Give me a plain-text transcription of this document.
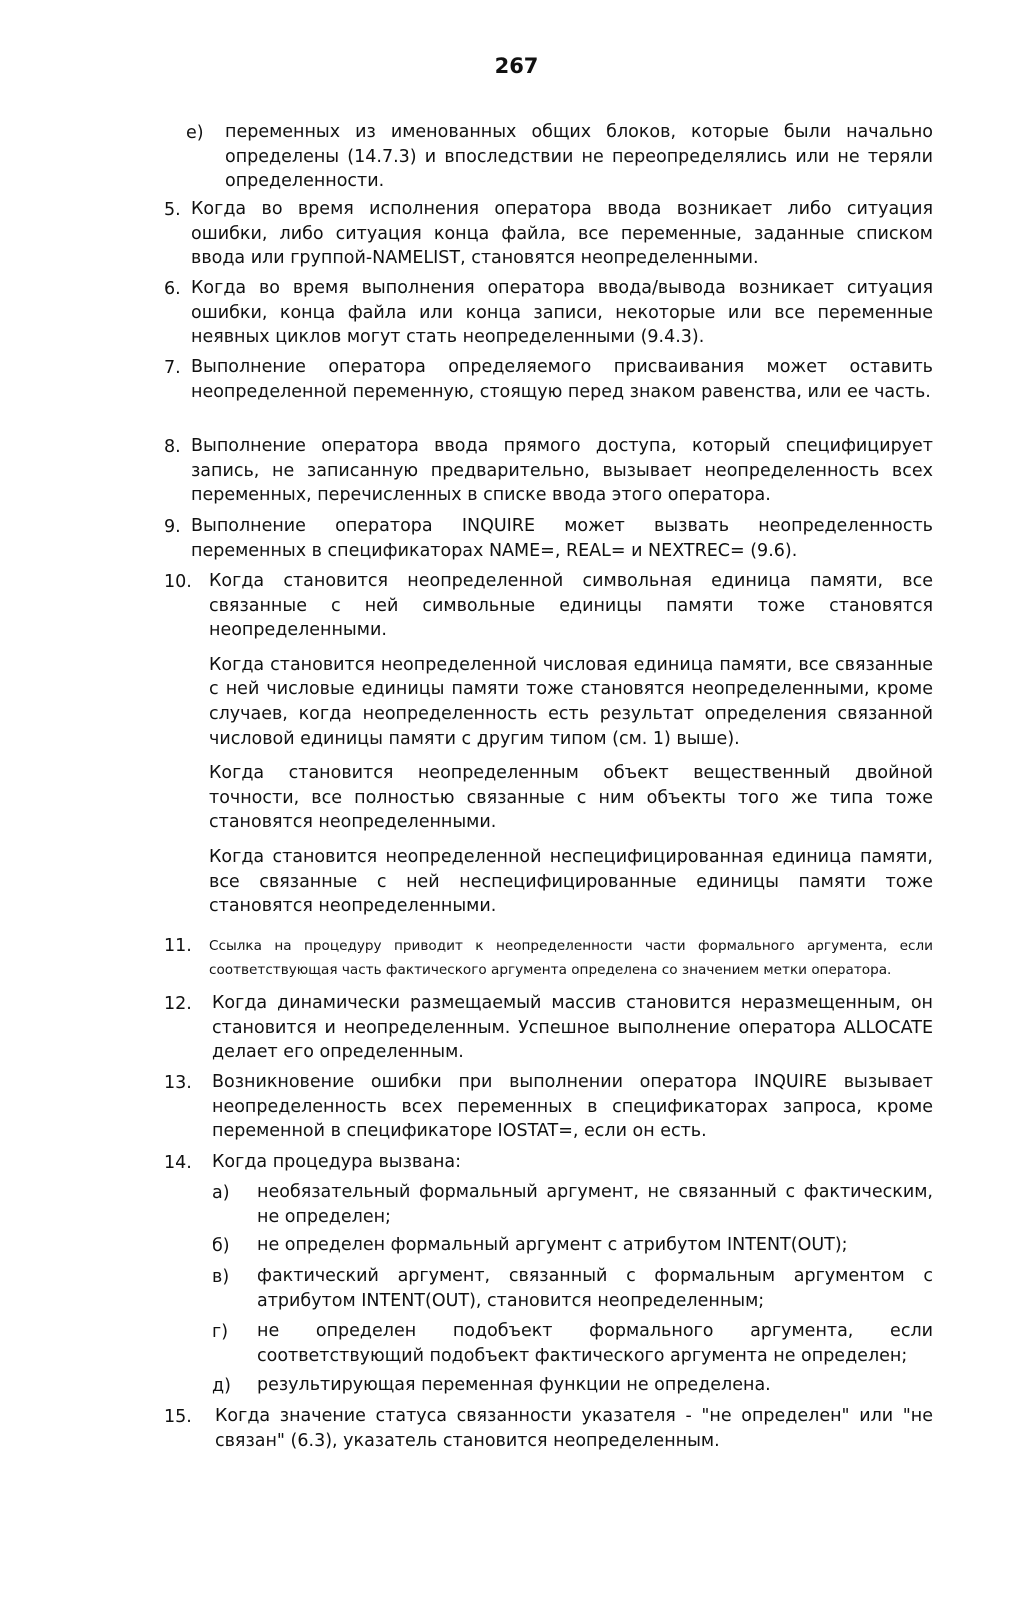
267
е) переменных из именованных общих блоков, которые были начально определены (14.7.3) и впоследствии не переопределялись или не теряли определенности.
5. Когда во время исполнения оператора ввода возникает либо ситуация ошибки, либо ситуация конца файла, все переменные, заданные списком ввода или группой-NAMELIST, становятся неопределенными.
6. Когда во время выполнения оператора ввода/вывода возникает ситуация ошибки, конца файла или конца записи, некоторые или все переменные неявных циклов могут стать неопределенными (9.4.3).
7. Выполнение оператора определяемого присваивания может оставить неопределенной переменную, стоящую перед знаком равенства, или ее часть.
8. Выполнение оператора ввода прямого доступа, который специфицирует запись, не записанную предварительно, вызывает неопределенность всех переменных, перечисленных в списке ввода этого оператора.
9. Выполнение оператора INQUIRE может вызвать неопределенность переменных в спецификаторах NAME=, REAL= и NEXTREC= (9.6).
10. Когда становится неопределенной символьная единица памяти, все связанные с ней символьные единицы памяти тоже становятся неопределенными.

Когда становится неопределенной числовая единица памяти, все связанные с ней числовые единицы памяти тоже становятся неопределенными, кроме случаев, когда неопределенность есть результат определения связанной числовой единицы памяти с другим типом (см. 1) выше).

Когда становится неопределенным объект вещественный двойной точности, все полностью связанные с ним объекты того же типа тоже становятся неопределенными.

Когда становится неопределенной неспецифицированная единица памяти, все связанные с ней неспецифицированные единицы памяти тоже становятся неопределенными.

11. Ссылка на процедуру приводит к неопределенности части формального аргумента, если соответствующая часть фактического аргумента определена со значением метки оператора.
12. Когда динамически размещаемый массив становится неразмещенным, он становится и неопределенным. Успешное выполнение оператора ALLOCATE делает его определенным.
13. Возникновение ошибки при выполнении оператора INQUIRE вызывает неопределенность всех переменных в спецификаторах запроса, кроме переменной в спецификаторе IOSTAT=, если он есть.
14. Когда процедура вызвана:
а) необязательный формальный аргумент, не связанный с фактическим, не определен;
б) не определен формальный аргумент с атрибутом INTENT(OUT);
в) фактический аргумент, связанный с формальным аргументом с атрибутом INTENT(OUT), становится неопределенным;
г) не определен подобъект формального аргумента, если соответствующий подобъект фактического аргумента не определен;
д) результирующая переменная функции не определена.
15. Когда значение статуса связанности указателя - "не определен" или "не связан" (6.3), указатель становится неопределенным.
